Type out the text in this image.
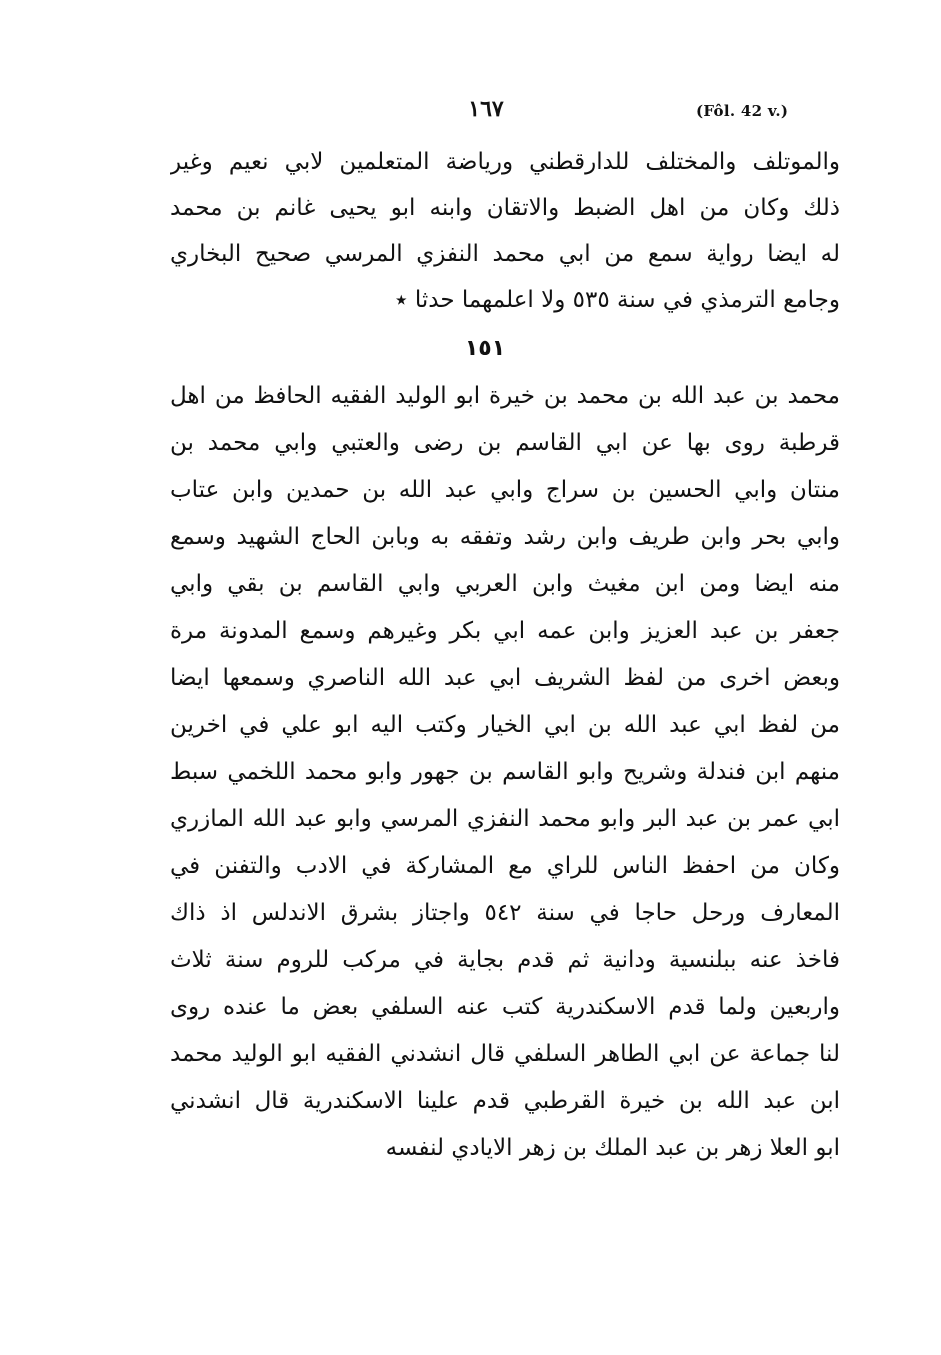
١٦٧	(Fôl. 42 v.)
والموتلف والمختلف للدارقطني ورياضة المتعلمين لابي نعيم وغير
ذلك وكان من اهل الضبط والاتقان وابنه ابو يحيى غانم بن محمد
له ايضا رواية سمع من ابي محمد النفزي المرسي صحيح البخاري
وجامع الترمذي في سنة ٥٣٥ ولا اعلمهما حدثا ٭
١٥١
محمد بن عبد الله بن محمد بن خيرة ابو الوليد الفقيه الحافظ من اهل
قرطبة روى بها عن ابي القاسم بن رضى والعتبي وابي محمد بن
منتان وابي الحسين بن سراج وابي عبد الله بن حمدين وابن عتاب
وابي بحر وابن طريف وابن رشد وتفقه به وبابن الحاج الشهيد وسمع
منه ايضا ومن ابن مغيث وابن العربي وابي القاسم بن بقي وابي
جعفر بن عبد العزيز وابن عمه ابي بكر وغيرهم وسمع المدونة مرة
وبعض اخرى من لفظ الشريف ابي عبد الله الناصري وسمعها ايضا
من لفظ ابي عبد الله بن ابي الخيار وكتب اليه ابو علي في اخرين
منهم ابن فندلة وشريح وابو القاسم بن جهور وابو محمد اللخمي سبط
ابي عمر بن عبد البر وابو محمد النفزي المرسي وابو عبد الله المازري
وكان من احفظ الناس للراي مع المشاركة في الادب والتفنن في
المعارف ورحل حاجا في سنة ٥٤٢ واجتاز بشرق الاندلس اذ ذاك
فاخذ عنه ببلنسية ودانية ثم قدم بجاية في مركب للروم سنة ثلاث
واربعين ولما قدم الاسكندرية كتب عنه السلفي بعض ما عنده روى
لنا جماعة عن ابي الطاهر السلفي قال انشدني الفقيه ابو الوليد محمد
ابن عبد الله بن خيرة القرطبي قدم علينا الاسكندرية قال انشدني
ابو العلا زهر بن عبد الملك بن زهر الايادي لنفسه
